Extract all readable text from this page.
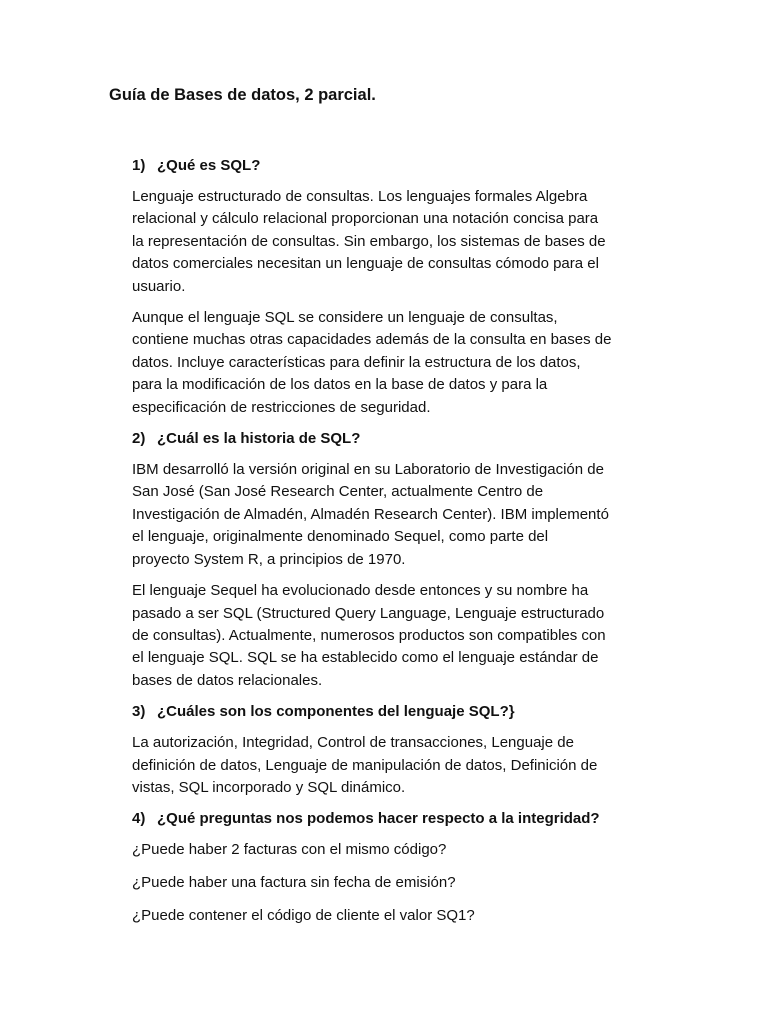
Guía de Bases de datos, 2 parcial.
1) ¿Qué es SQL?

Lenguaje estructurado de consultas. Los lenguajes formales Algebra
relacional y cálculo relacional proporcionan una notación concisa para
la representación de consultas. Sin embargo, los sistemas de bases de
datos comerciales necesitan un lenguaje de consultas cómodo para el
usuario.

Aunque el lenguaje SQL se considere un lenguaje de consultas,
contiene muchas otras capacidades además de la consulta en bases de
datos. Incluye características para definir la estructura de los datos,
para la modificación de los datos en la base de datos y para la
especificación de restricciones de seguridad.

2) ¿Cuál es la historia de SQL?

IBM desarrolló la versión original en su Laboratorio de Investigación de
San José (San José Research Center, actualmente Centro de
Investigación de Almadén, Almadén Research Center). IBM implementó
el lenguaje, originalmente denominado Sequel, como parte del
proyecto System R, a principios de 1970.

El lenguaje Sequel ha evolucionado desde entonces y su nombre ha
pasado a ser SQL (Structured Query Language, Lenguaje estructurado
de consultas). Actualmente, numerosos productos son compatibles con
el lenguaje SQL. SQL se ha establecido como el lenguaje estándar de
bases de datos relacionales.

3) ¿Cuáles son los componentes del lenguaje SQL?}

La autorización, Integridad, Control de transacciones, Lenguaje de
definición de datos, Lenguaje de manipulación de datos, Definición de
vistas, SQL incorporado y SQL dinámico.

4) ¿Qué preguntas nos podemos hacer respecto a la integridad?

¿Puede haber 2 facturas con el mismo código?

¿Puede haber una factura sin fecha de emisión?

¿Puede contener el código de cliente el valor SQ1?
